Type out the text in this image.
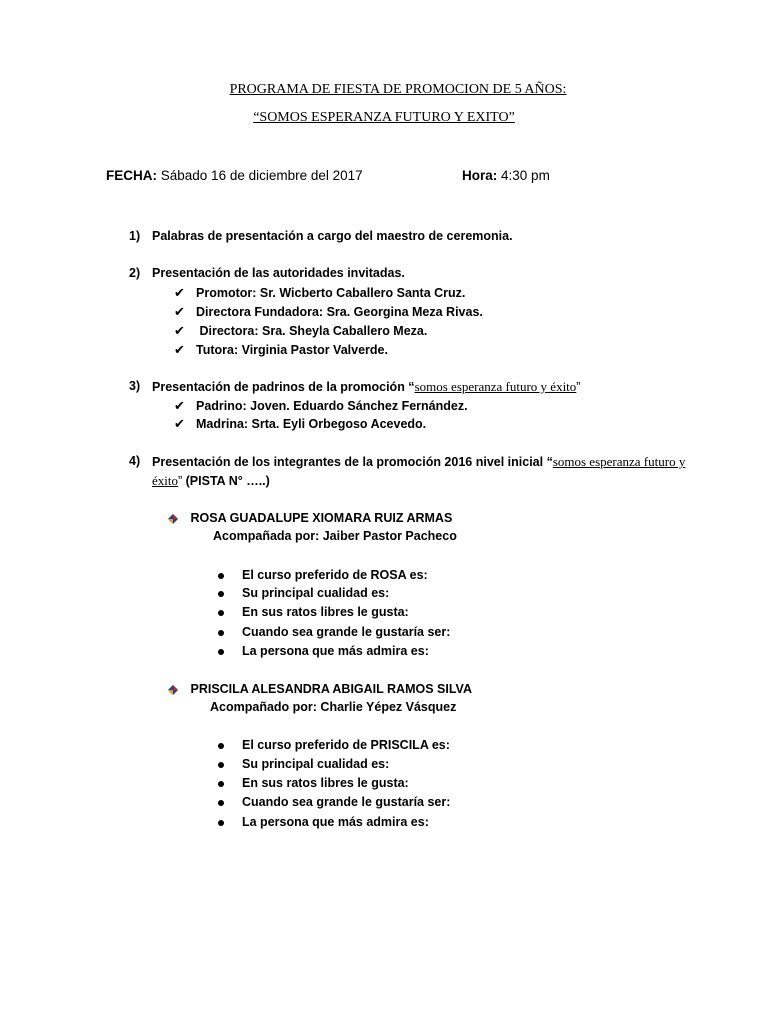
PROGRAMA DE FIESTA DE PROMOCION DE 5 AÑOS:
“SOMOS ESPERANZA FUTURO Y EXITO”
FECHA: Sábado 16 de diciembre del 2017	Hora: 4:30 pm
1) Palabras de presentación a cargo del maestro de ceremonia.
2) Presentación de las autoridades invitadas.
✔ Promotor: Sr. Wicberto Caballero Santa Cruz.
✔ Directora Fundadora: Sra. Georgina Meza Rivas.
✔ Directora: Sra. Sheyla Caballero Meza.
✔ Tutora: Virginia Pastor Valverde.
3) Presentación de padrinos de la promoción “somos esperanza futuro y éxito”
✔ Padrino: Joven. Eduardo Sánchez Fernández.
✔ Madrina: Srta. Eyli Orbegoso Acevedo.
4) Presentación de los integrantes de la promoción 2016 nivel inicial “somos esperanza futuro y
éxito” (PISTA N° …..)
ROSA GUADALUPE XIOMARA RUIZ ARMAS
Acompañada por: Jaiber Pastor Pacheco
El curso preferido de ROSA es:
Su principal cualidad es:
En sus ratos libres le gusta:
Cuando sea grande le gustaría ser:
La persona que más admira es:
PRISCILA ALESANDRA ABIGAIL RAMOS SILVA
Acompañado por: Charlie Yépez Vásquez
El curso preferido de PRISCILA es:
Su principal cualidad es:
En sus ratos libres le gusta:
Cuando sea grande le gustaría ser:
La persona que más admira es:
